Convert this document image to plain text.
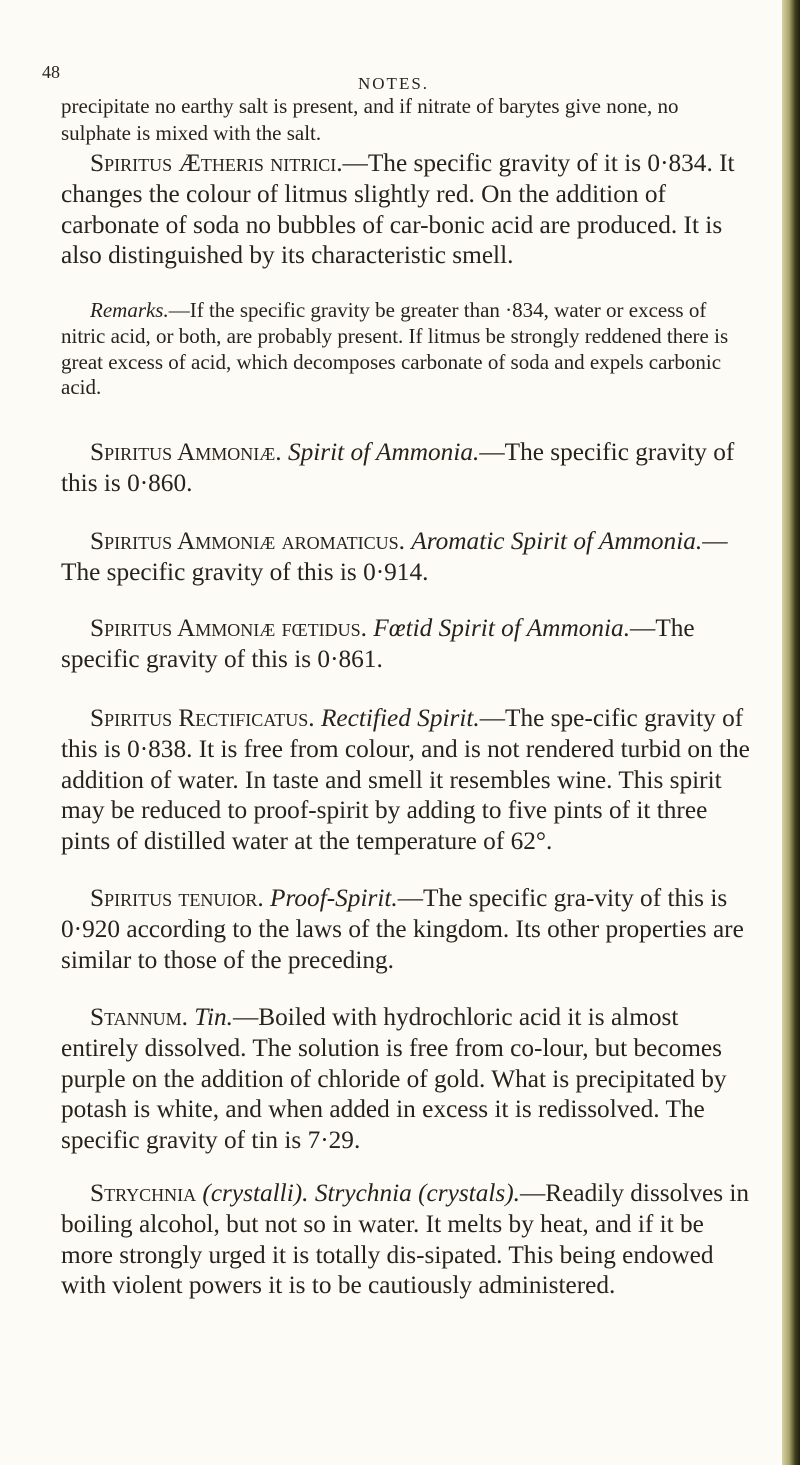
48
NOTES.

precipitate no earthy salt is present, and if nitrate of barytes give none, no sulphate is mixed with the salt.

Spiritus Ætheris nitrici.—The specific gravity of it is 0·834. It changes the colour of litmus slightly red. On the addition of carbonate of soda no bubbles of car-bonic acid are produced. It is also distinguished by its characteristic smell.

Remarks.—If the specific gravity be greater than ·834, water or excess of nitric acid, or both, are probably present. If litmus be strongly reddened there is great excess of acid, which decomposes carbonate of soda and expels carbonic acid.

Spiritus Ammoniæ. Spirit of Ammonia.—The specific gravity of this is 0·860.

Spiritus Ammoniæ aromaticus. Aromatic Spirit of Ammonia.—The specific gravity of this is 0·914.

Spiritus Ammoniæ fœtidus. Fœtid Spirit of Ammonia.—The specific gravity of this is 0·861.

Spiritus Rectificatus. Rectified Spirit.—The spe-cific gravity of this is 0·838. It is free from colour, and is not rendered turbid on the addition of water. In taste and smell it resembles wine. This spirit may be reduced to proof-spirit by adding to five pints of it three pints of distilled water at the temperature of 62°.

Spiritus tenuior. Proof-Spirit.—The specific gra-vity of this is 0·920 according to the laws of the kingdom. Its other properties are similar to those of the preceding.

Stannum. Tin.—Boiled with hydrochloric acid it is almost entirely dissolved. The solution is free from co-lour, but becomes purple on the addition of chloride of gold. What is precipitated by potash is white, and when added in excess it is redissolved. The specific gravity of tin is 7·29.

Strychnia (crystalli). Strychnia (crystals).—Readily dissolves in boiling alcohol, but not so in water. It melts by heat, and if it be more strongly urged it is totally dis-sipated. This being endowed with violent powers it is to be cautiously administered.
